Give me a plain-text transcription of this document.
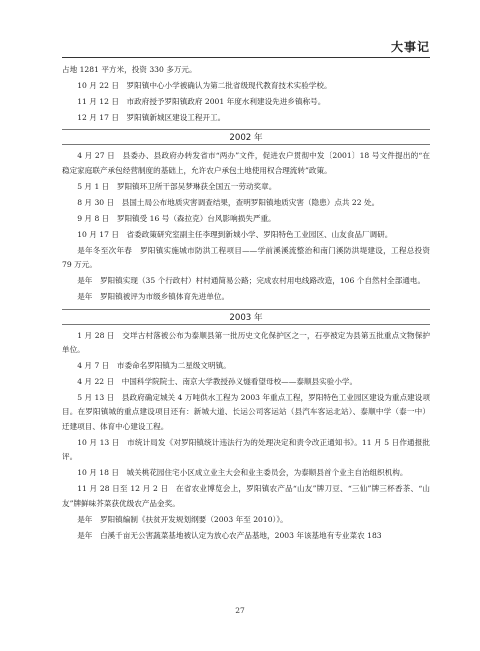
大事记
占地 1281 平方米，投资 330 多万元。
10 月 22 日　罗阳镇中心小学被确认为第二批省级现代教育技术实验学校。
11 月 12 日　市政府授予罗阳镇政府 2001 年度水利建设先进乡镇称号。
12 月 17 日　罗阳镇新城区建设工程开工。
2002 年
4 月 27 日　县委办、县政府办转发省市“两办”文件，促进农户贯彻中发〔2001〕18 号文件提出的“在稳定家庭联产承包经营制度的基础上，允许农户承包土地使用权合理流转”政策。
5 月 1 日　罗阳镇环卫所干部吴梦琳获全国五一劳动奖章。
8 月 30 日　县国土局公布地质灾害调查结果，查明罗阳镇地质灾害（隐患）点共 22 处。
9 月 8 日　罗阳镇受 16 号（森拉克）台风影响损失严重。
10 月 17 日　省委政策研究室副主任李理到新城小学、罗阳特色工业园区、山友食品厂调研。
是年冬至次年春　罗阳镇实施城市防洪工程项目——学前溪溪流整治和南门溪防洪堤建设，工程总投资 79 万元。
是年　罗阳镇实现（35 个行政村）村村通简易公路；完成农村用电线路改造，106 个自然村全部通电。
是年　罗阳镇被评为市级乡镇体育先进单位。
2003 年
1 月 28 日　交垟古村落被公布为泰顺县第一批历史文化保护区之一，石亭被定为县第五批重点文物保护单位。
4 月 7 日　市委命名罗阳镇为二星级文明镇。
4 月 22 日　中国科学院院士、南京大学教授孙义燧看望母校——泰顺县实验小学。
5 月 13 日　县政府确定城关 4 万吨供水工程为 2003 年重点工程，罗阳特色工业园区建设为重点建设项目。在罗阳镇城的重点建设项目还有：新城大道、长运公司客运站（县汽车客运北站）、泰顺中学（泰一中）迁建项目、体育中心建设工程。
10 月 13 日　市统计局发《对罗阳镇统计违法行为的处理决定和责令改正通知书》。11 月 5 日作通报批评。
10 月 18 日　城关桃花园住宅小区成立业主大会和业主委员会，为泰顺县首个业主自治组织机构。
11 月 28 日至 12 月 2 日　在省农业博览会上，罗阳镇农产品“山友”牌刀豆、“三仙”牌三杯香茶、“山友”牌鲜味芥菜获优级农产品金奖。
是年　罗阳镇编制《扶贫开发规划纲要（2003 年至 2010）》。
是年　白溪千亩无公害蔬菜基地被认定为放心农产品基地，2003 年该基地有专业菜农 183
27
